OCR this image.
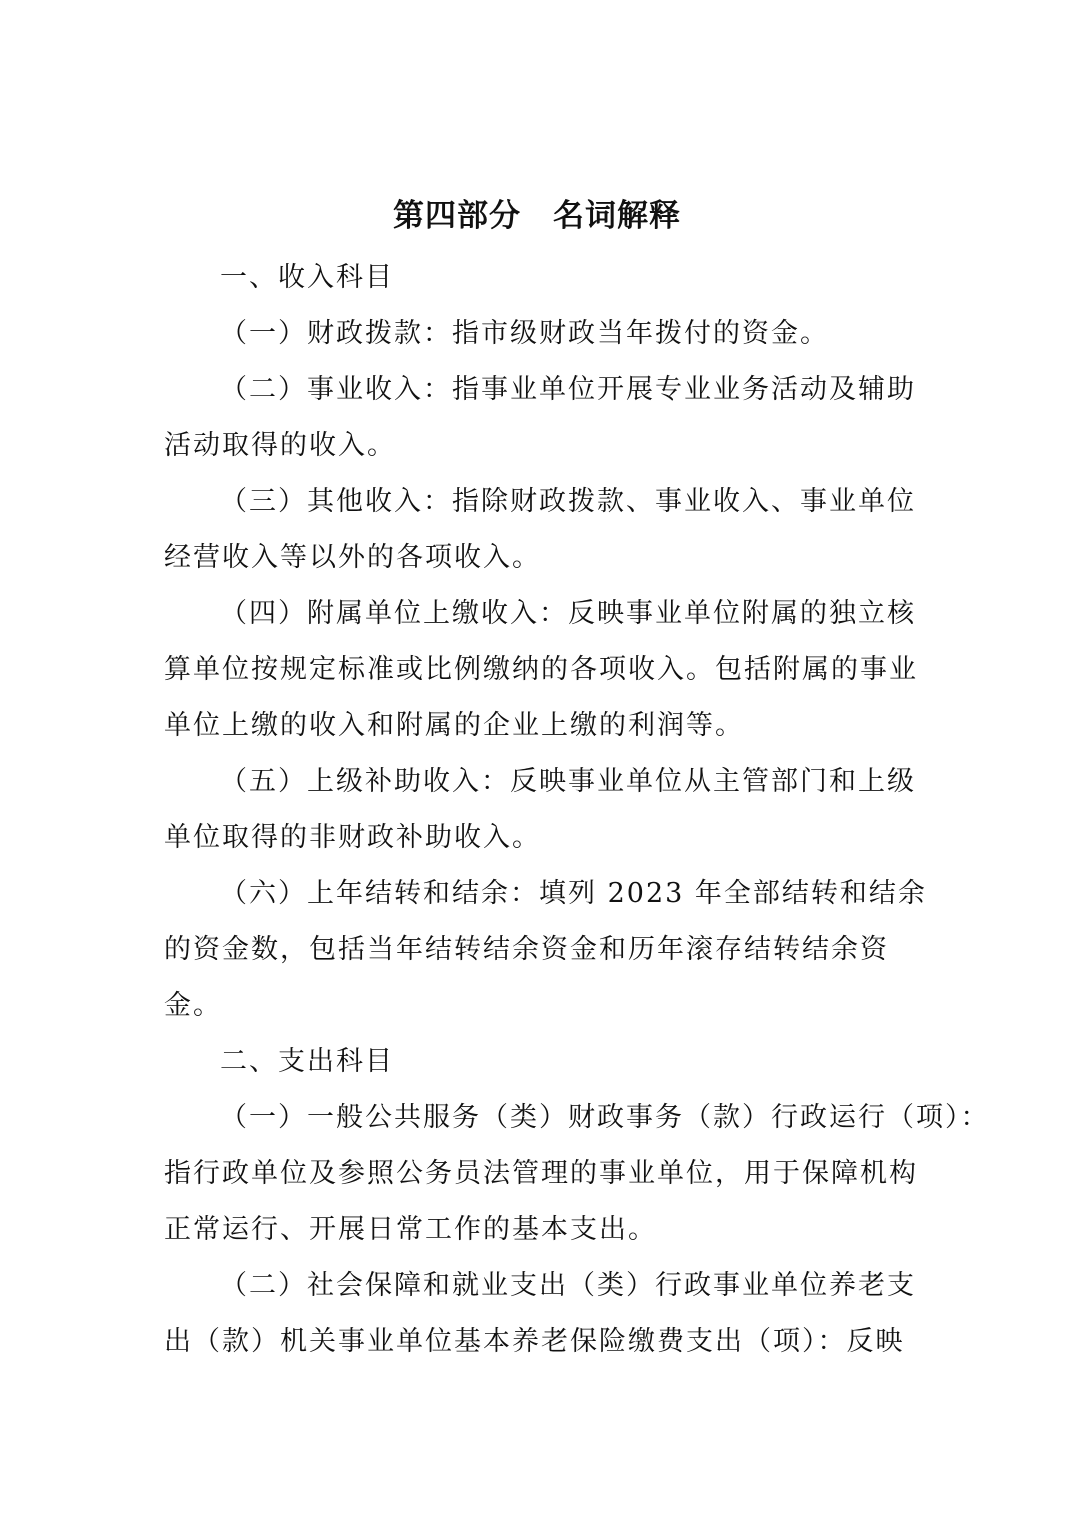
第四部分　名词解释

一、收入科目

（一）财政拨款：指市级财政当年拨付的资金。

（二）事业收入：指事业单位开展专业业务活动及辅助
活动取得的收入。

（三）其他收入：指除财政拨款、事业收入、事业单位
经营收入等以外的各项收入。

（四）附属单位上缴收入：反映事业单位附属的独立核
算单位按规定标准或比例缴纳的各项收入。包括附属的事业
单位上缴的收入和附属的企业上缴的利润等。

（五）上级补助收入：反映事业单位从主管部门和上级
单位取得的非财政补助收入。

（六）上年结转和结余：填列 2023 年全部结转和结余
的资金数，包括当年结转结余资金和历年滚存结转结余资
金。

二、支出科目

（一）一般公共服务（类）财政事务（款）行政运行（项）：
指行政单位及参照公务员法管理的事业单位，用于保障机构
正常运行、开展日常工作的基本支出。

（二）社会保障和就业支出（类）行政事业单位养老支
出（款）机关事业单位基本养老保险缴费支出（项）：反映
